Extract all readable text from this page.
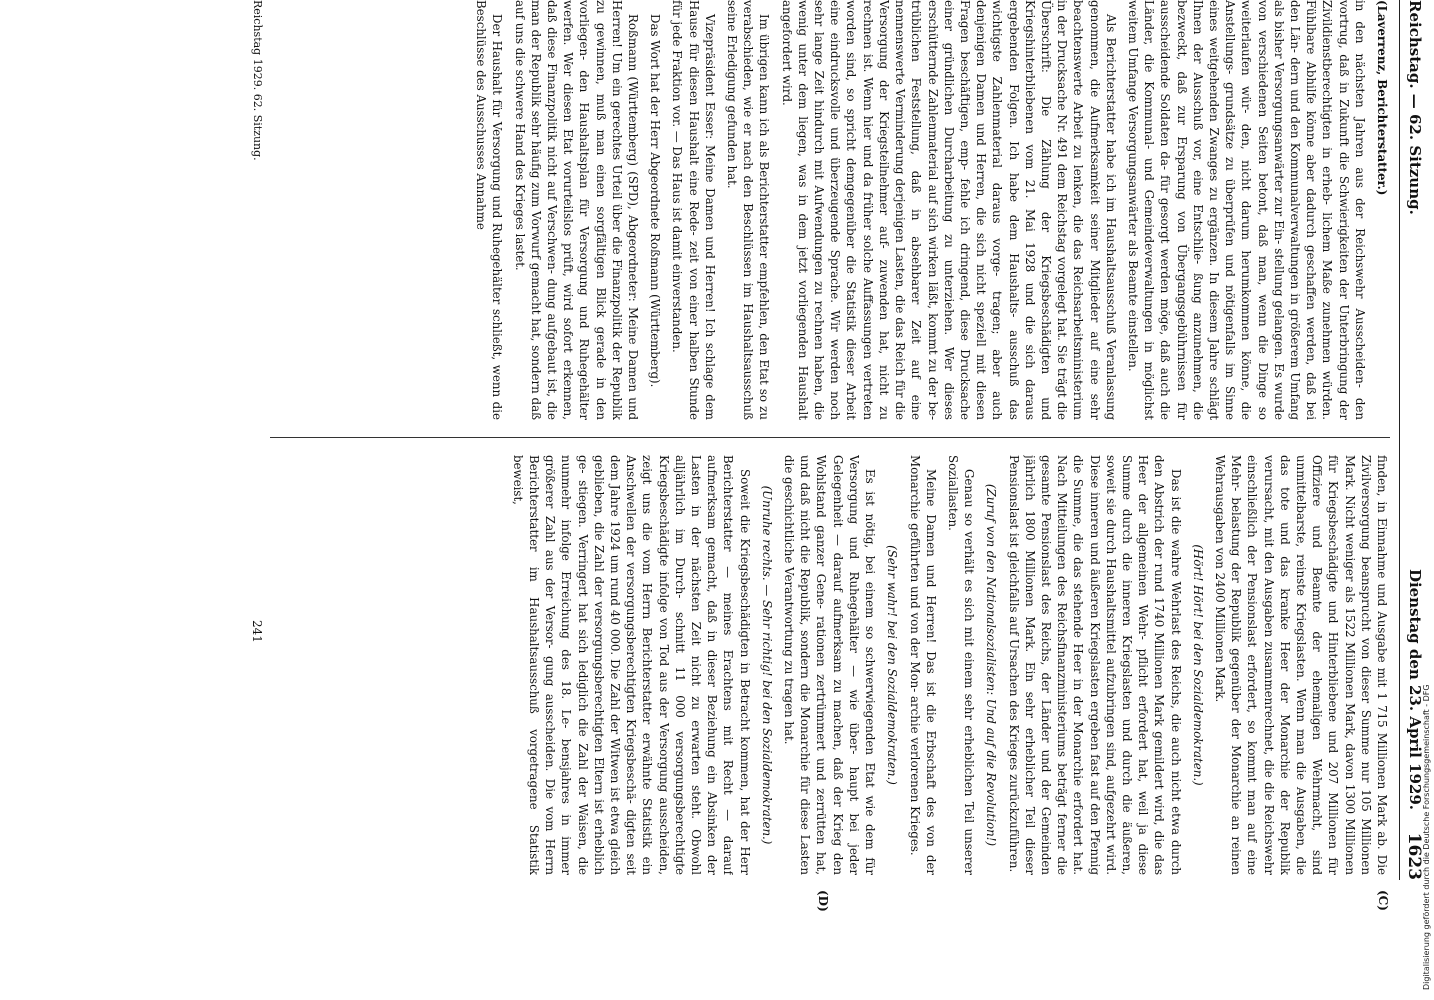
Reichstag. — 62. Sitzung.
Dienstag den 23. April 1929.
1623
(C)
(D)

(Laverrenz, Berichterstatter.)

in den nächsten Jahren aus der Reichswehr Ausscheiden- den vortrug, daß in Zukunft die Schwierigkeiten der Unterbringung der Zivildienstberechtigten in erheb- lichem Maße zunehmen würden. Fühlbare Abhilfe könne aber dadurch geschaffen werden, daß bei den Län- dern und den Kommunalverwaltungen in größerem Umfang als bisher Versorgungsanwärter zur Ein- stellung gelangen. Es wurde von verschiedenen Seiten betont, daß man, wenn die Dinge so weiterlaufen wür- den, nicht darum herumkommen könne, die Anstellungs- grundsätze zu überprüfen und nötigenfalls im Sinne eines weitgehenden Zwanges zu ergänzen. In diesem Jahre schlägt Ihnen der Ausschuß vor, eine Entschlie- ßung anzunehmen, die bezweckt, daß zur Ersparung von Übergangsgebührnissen für ausscheidende Soldaten da- für gesorgt werden möge, daß auch die Länder, die Kommunal- und Gemeindeverwaltungen in möglichst weitem Umfange Versorgungsanwärter als Beamte einstellen.

Als Berichterstatter habe ich im Haushaltsausschuß Veranlassung genommen, die Aufmerksamkeit seiner Mitglieder auf eine sehr beachtenswerte Arbeit zu lenken, die das Reichsarbeitsministerium in der Drucksache Nr. 491 dem Reichstag vorgelegt hat. Sie trägt die Überschrift: Die Zählung der Kriegsbeschädigten und Kriegshinterbliebenen vom 21. Mai 1928 und die sich daraus ergebenden Folgen. Ich habe dem Haushalts- ausschuß das wichtigste Zahlenmaterial daraus vorge- tragen; aber auch denjenigen Damen und Herren, die sich nicht speziell mit diesen Fragen beschäftigen, emp- fehle ich dringend, diese Drucksache einer gründlichen Durcharbeitung zu unterziehen. Wer dieses erschütternde Zahlenmaterial auf sich wirken läßt, kommt zu der be- trüblichen Feststellung, daß in absehbarer Zeit auf eine nennenswerte Verminderung derjenigen Lasten, die das Reich für die Versorgung der Kriegsteilnehmer auf- zuwenden hat, nicht zu rechnen ist. Wenn hier und da früher solche Auffassungen vertreten worden sind, so spricht demgegenüber die Statistik dieser Arbeit eine eindrucksvolle und überzeugende Sprache. Wir werden noch sehr lange Zeit hindurch mit Aufwendungen zu rechnen haben, die wenig unter dem liegen, was in dem jetzt vorliegenden Haushalt angefordert wird.

Im übrigen kann ich als Berichterstatter empfehlen, den Etat so zu verabschieden, wie er nach den Beschlüssen im Haushaltsausschuß seine Erledigung gefunden hat.

Vizepräsident Esser: Meine Damen und Herren! Ich schlage dem Hause für diesen Haushalt eine Rede- zeit von einer halben Stunde für jede Fraktion vor. — Das Haus ist damit einverstanden.

Das Wort hat der Herr Abgeordnete Roßmann (Württemberg).

Roßmann (Württemberg) (SPD), Abgeordneter: Meine Damen und Herren! Um ein gerechtes Urteil über die Finanzpolitik der Republik zu gewinnen, muß man einen sorgfältigen Blick gerade in den vorliegen- den Haushaltsplan für Versorgung und Ruhegehälter werfen. Wer diesen Etat vorurteilslos prüft, wird sofort erkennen, daß diese Finanzpolitik nicht auf Verschwen- dung aufgebaut ist, die man der Republik sehr häufig zum Vorwurf gemacht hat, sondern daß auf uns die schwere Hand des Krieges lastet.

Der Haushalt für Versorgung und Ruhegehälter schließt, wenn die Beschlüsse des Ausschusses Annahme

finden, in Einnahme und Ausgabe mit 1 715 Millionen Mark ab. Die Zivilversorgung beansprucht von dieser Summe nur 105 Millionen Mark. Nicht weniger als 1522 Millionen Mark, davon 1300 Millionen für Kriegsbeschädigte und Hinterbliebene und 207 Millionen für Offiziere und Beamte der ehemaligen Wehrmacht, sind unmittelbarste, reinste Kriegslasten. Wenn man die Ausgaben, die das tote und das kranke Heer der Monarchie der Republik verursacht, mit den Ausgaben zusammenrechnet, die die Reichswehr einschließlich der Pensionslast erfordert, so kommt man auf eine Mehr- belastung der Republik gegenüber der Monarchie an reinen Wehrausgaben von 2400 Millionen Mark.

(Hört! Hört! bei den Sozialdemokraten.)

Das ist die wahre Wehrlast des Reichs, die auch nicht etwa durch den Abstrich der rund 1740 Millionen Mark gemildert wird, die das Heer der allgemeinen Wehr- pflicht erfordert hat, weil ja diese Summe durch die inneren Kriegslasten und durch die äußeren, soweit sie durch Haushaltsmittel aufzubringen sind, aufgezehrt wird. Diese inneren und äußeren Kriegslasten ergeben fast auf den Pfennig die Summe, die das stehende Heer in der Monarchie erfordert hat. Nach Mitteilungen des Reichsfinanzministeriums beträgt ferner die gesamte Pensionslast des Reichs, der Länder und der Gemeinden jährlich 1800 Millionen Mark. Ein sehr erheblicher Teil dieser Pensionslast ist gleichfalls auf Ursachen des Krieges zurückzuführen.

(Zuruf von den Nationalsozialisten: Und auf die Revolution!)

Genau so verhält es sich mit einem sehr erheblichen Teil unserer Soziallasten.

Meine Damen und Herren! Das ist die Erbschaft des von der Monarchie geführten und von der Mon- archie verlorenen Krieges.

(Sehr wahr! bei den Sozialdemokraten.)

Es ist nötig, bei einem so schwerwiegenden Etat wie dem für Versorgung und Ruhegehälter — wie über- haupt bei jeder Gelegenheit — darauf aufmerksam zu machen, daß der Krieg den Wohlstand ganzer Gene- rationen zertrümmert und zerrütten hat, und daß nicht die Republik, sondern die Monarchie für diese Lasten die geschichtliche Verantwortung zu tragen hat.

(Unruhe rechts. — Sehr richtig! bei den Sozialdemokraten.)

Soweit die Kriegsbeschädigten in Betracht kommen, hat der Herr Berichterstatter — meines Erachtens mit Recht — darauf aufmerksam gemacht, daß in dieser Beziehung ein Absinken der Lasten in der nächsten Zeit nicht zu erwarten steht. Obwohl alljährlich im Durch- schnitt 11 000 versorgungsberechtigte Kriegsbeschädigte infolge von Tod aus der Versorgung ausscheiden, zeigt uns die vom Herrn Berichterstatter erwähnte Statistik ein Anschwellen der versorgungsberechtigten Kriegsbeschä- digten seit dem Jahre 1924 um rund 40 000. Die Zahl der Witwen ist etwa gleich geblieben, die Zahl der versorgungsberechtigten Eltern ist erheblich ge- stiegen. Verringert hat sich lediglich die Zahl der Waisen, die nunmehr infolge Erreichung des 18. Le- bensjahres in immer größerer Zahl aus der Versor- gung ausscheiden. Die vom Herrn Berichterstatter im Haushaltsausschuß vorgetragene Statistik beweist,

Reichstag 1929. 62. Sitzung.
241
Digitalisierung gefördert durch die Deutsche Forschungsgemeinschaft - DFG
